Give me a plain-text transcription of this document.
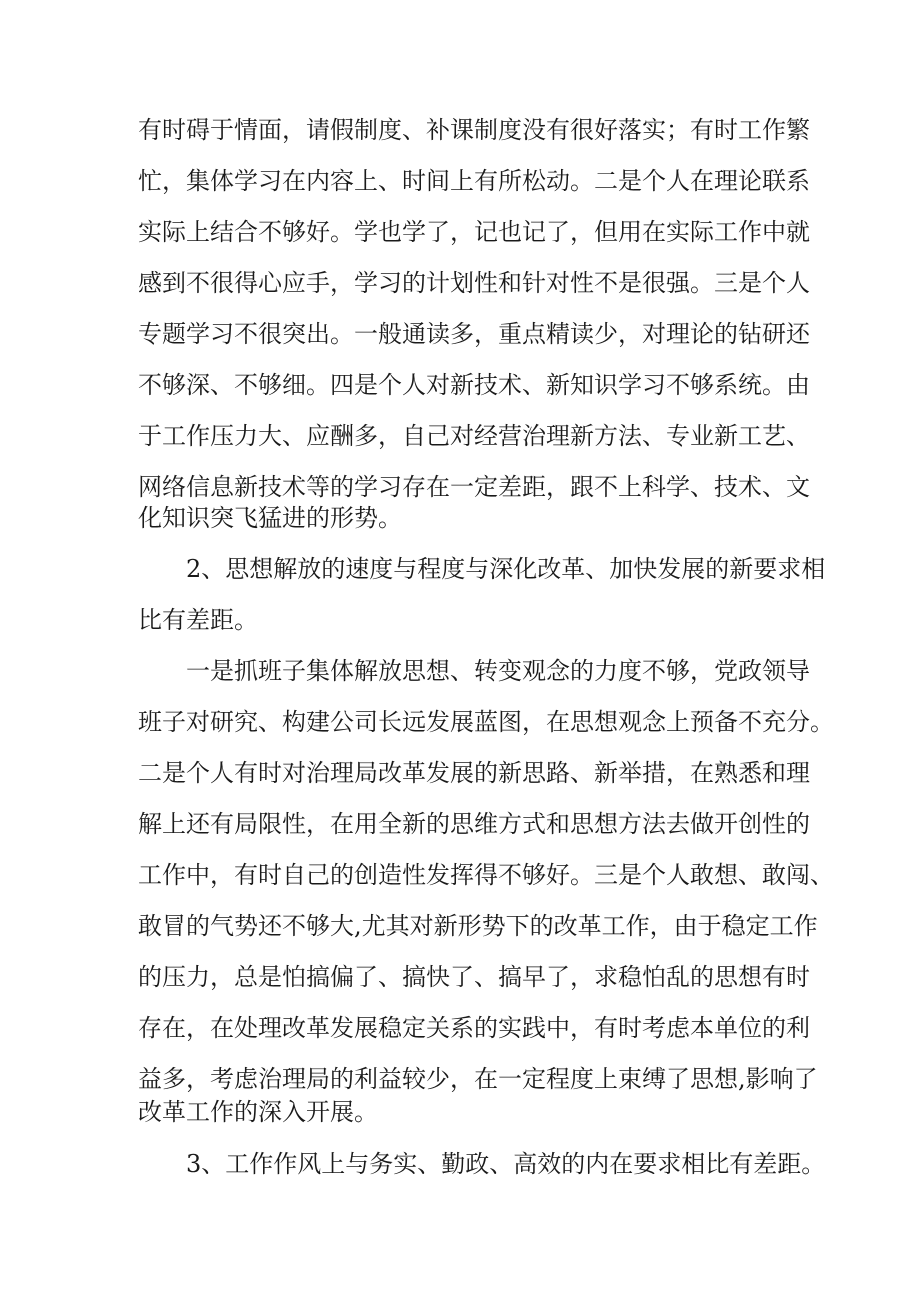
有时碍于情面，请假制度、补课制度没有很好落实；有时工作繁
忙，集体学习在内容上、时间上有所松动。二是个人在理论联系
实际上结合不够好。学也学了，记也记了，但用在实际工作中就
感到不很得心应手，学习的计划性和针对性不是很强。三是个人
专题学习不很突出。一般通读多，重点精读少，对理论的钻研还
不够深、不够细。四是个人对新技术、新知识学习不够系统。由
于工作压力大、应酬多，自己对经营治理新方法、专业新工艺、
网络信息新技术等的学习存在一定差距，跟不上科学、技术、文
化知识突飞猛进的形势。
2、思想解放的速度与程度与深化改革、加快发展的新要求相
比有差距。
一是抓班子集体解放思想、转变观念的力度不够，党政领导
班子对研究、构建公司长远发展蓝图，在思想观念上预备不充分。
二是个人有时对治理局改革发展的新思路、新举措，在熟悉和理
解上还有局限性，在用全新的思维方式和思想方法去做开创性的
工作中，有时自己的创造性发挥得不够好。三是个人敢想、敢闯、
敢冒的气势还不够大,尤其对新形势下的改革工作，由于稳定工作
的压力，总是怕搞偏了、搞快了、搞早了，求稳怕乱的思想有时
存在，在处理改革发展稳定关系的实践中，有时考虑本单位的利
益多，考虑治理局的利益较少，在一定程度上束缚了思想,影响了
改革工作的深入开展。
3、工作作风上与务实、勤政、高效的内在要求相比有差距。
